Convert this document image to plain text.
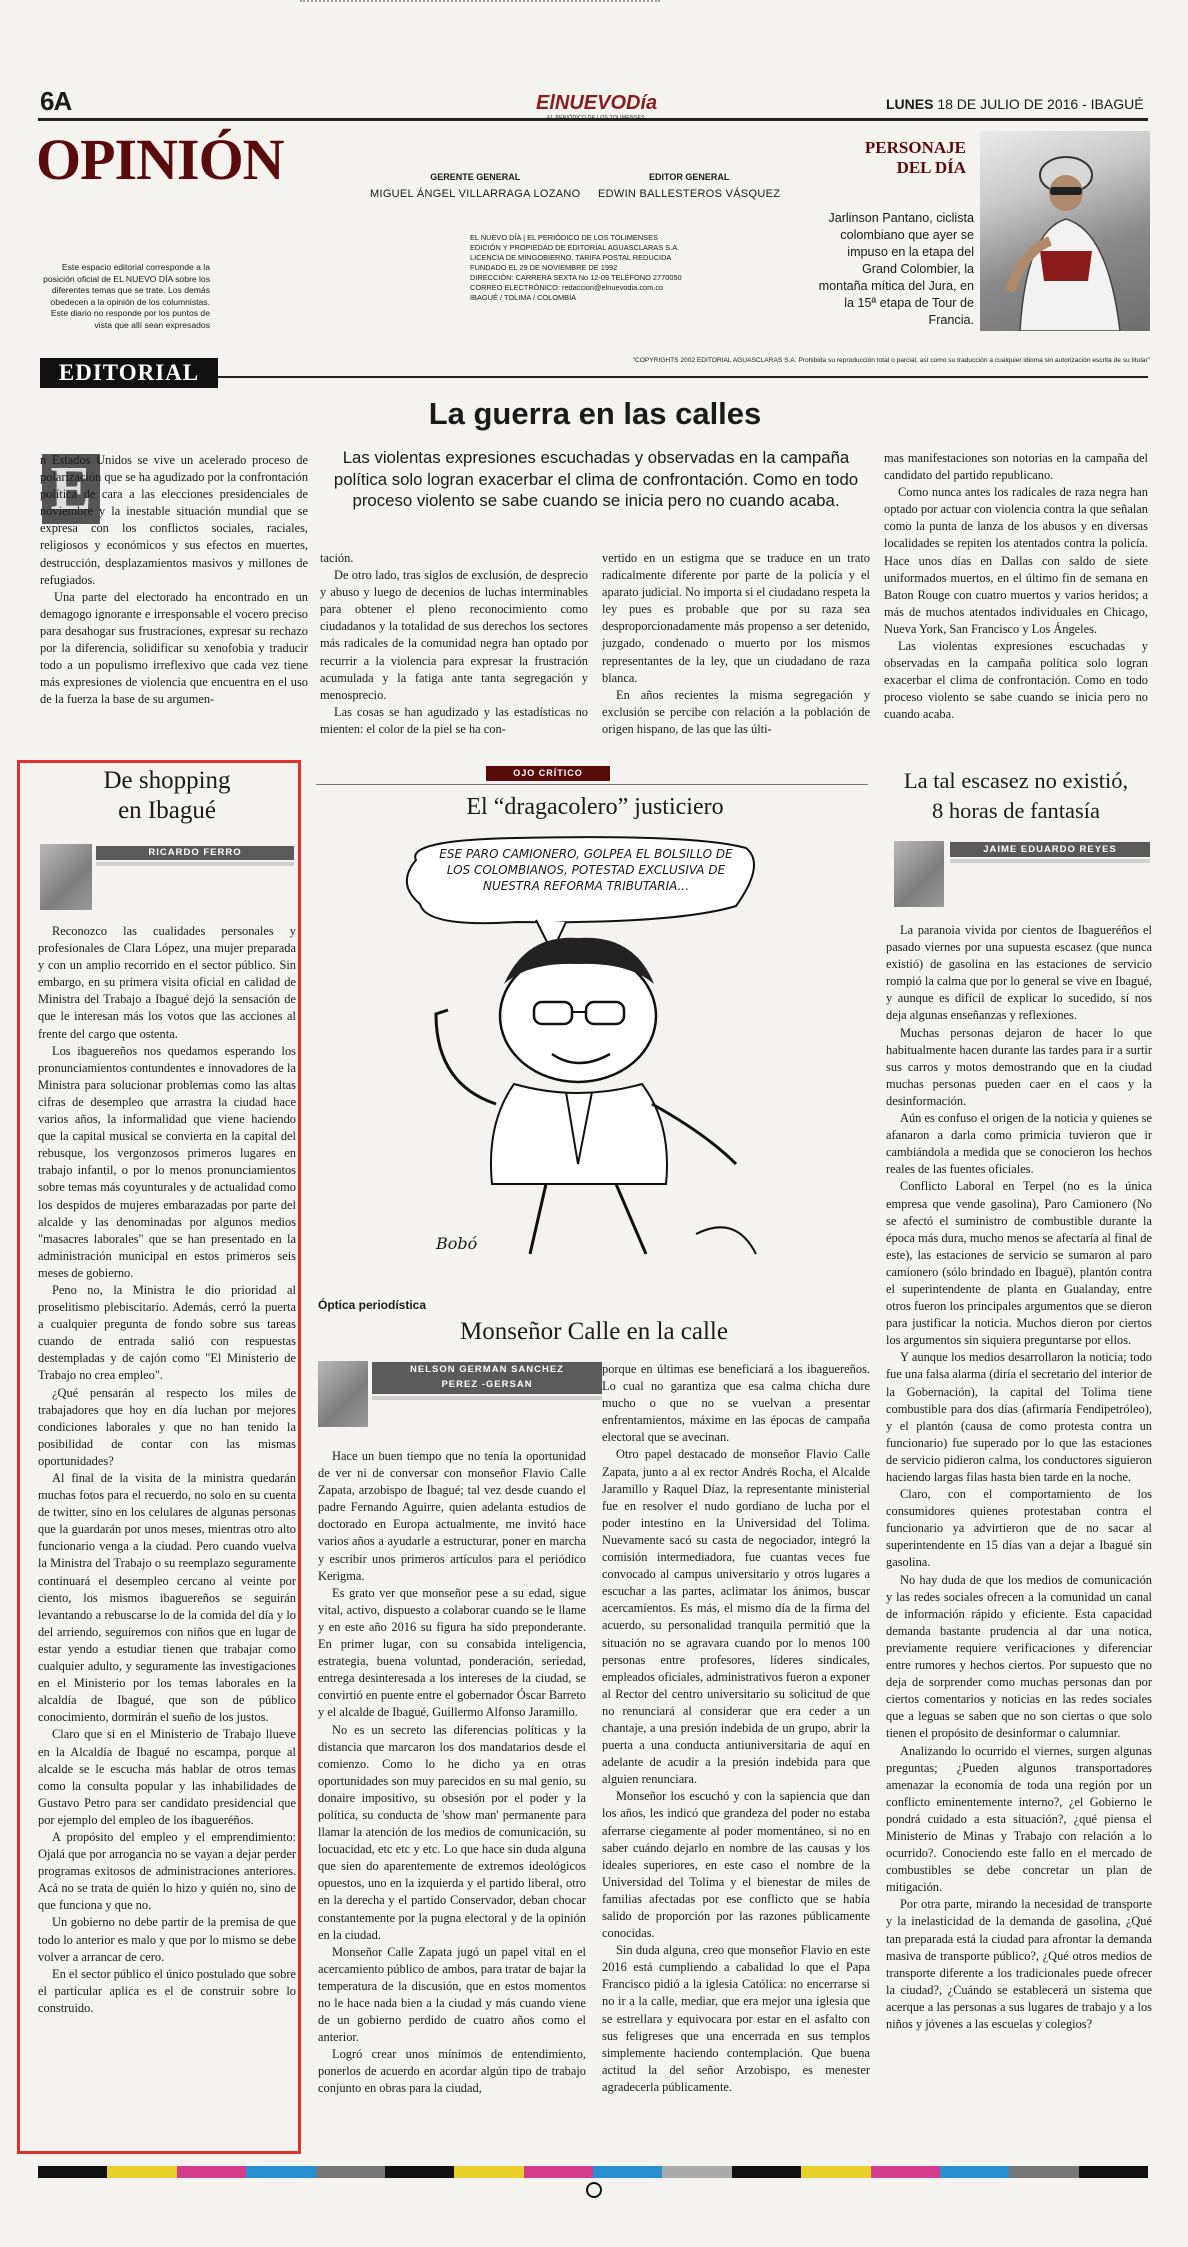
6A
OPINIÓN
ElNUEVODía
EL PERIÓDICO DE LOS TOLIMENSES
LUNES 18 DE JULIO DE 2016 - IBAGUÉ
GERENTE GENERAL
MIGUEL ÁNGEL VILLARRAGA LOZANO
EDITOR GENERAL
EDWIN BALLESTEROS VÁSQUEZ
EL NUEVO DÍA | EL PERIÓDICO DE LOS TOLIMENSES
EDICIÓN Y PROPIEDAD DE EDITORIAL AGUASCLARAS S.A.
LICENCIA DE MINGOBIERNO. TARIFA POSTAL REDUCIDA
FUNDADO EL 29 DE NOVIEMBRE DE 1992
DIRECCIÓN: CARRERA SEXTA No 12-09 TELÉFONO 2770050
CORREO ELECTRÓNICO: redaccion@elnuevodia.com.co
IBAGUÉ / TOLIMA / COLOMBIA
Este espacio editorial corresponde a la posición oficial de EL NUEVO DÍA sobre los diferentes temas que se trate. Los demás obedecen a la opinión de los columnistas. Este diario no responde por los puntos de vista que allí sean expresados
PERSONAJE
DEL DÍA
Jarlinson Pantano, ciclista colombiano que ayer se impuso en la etapa del Grand Colombier, la montaña mítica del Jura, en la 15ª etapa de Tour de Francia.
EDITORIAL	"COPYRIGHTS 2002 EDITORIAL AGUASCLARAS S.A. Prohibida su reproducción total o parcial, así como su traducción a cualquier idioma sin autorización escrita de su titular"
La guerra en las calles
Las violentas expresiones escuchadas y observadas en la campaña política solo logran exacerbar el clima de confrontación. Como en todo proceso violento se sabe cuando se inicia pero no cuando acaba.
E

n Estados Unidos se vive un acelerado proceso de polarización que se ha agudizado por la confrontación política de cara a las elecciones presidenciales de noviembre y la inestable situación mundial que se expresa con los conflictos sociales, raciales, religiosos y económicos y sus efectos en muertes, destrucción, desplazamientos masivos y millones de refugiados.

Una parte del electorado ha encontrado en un demagogo ignorante e irresponsable el vocero preciso para desahogar sus frustraciones, expresar su rechazo por la diferencia, solidificar su xenofobia y traducir todo a un populismo irreflexivo que cada vez tiene más expresiones de violencia que encuentra en el uso de la fuerza la base de su argumen-

tación.

De otro lado, tras siglos de exclusión, de desprecio y abuso y luego de decenios de luchas interminables para obtener el pleno reconocimiento como ciudadanos y la totalidad de sus derechos los sectores más radicales de la comunidad negra han optado por recurrir a la violencia para expresar la frustración acumulada y la fatiga ante tanta segregación y menosprecio.

Las cosas se han agudizado y las estadísticas no mienten: el color de la piel se ha con-

vertido en un estigma que se traduce en un trato radicalmente diferente por parte de la policía y el aparato judicial. No importa si el ciudadano respeta la ley pues es probable que por su raza sea desproporcionadamente más propenso a ser detenido, juzgado, condenado o muerto por los mismos representantes de la ley, que un ciudadano de raza blanca.

En años recientes la misma segregación y exclusión se percibe con relación a la población de origen hispano, de las que las últi-

mas manifestaciones son notorias en la campaña del candidato del partido republicano.

Como nunca antes los radicales de raza negra han optado por actuar con violencia contra la que señalan como la punta de lanza de los abusos y en diversas localidades se repiten los atentados contra la policía. Hace unos días en Dallas con saldo de siete uniformados muertos, en el último fin de semana en Baton Rouge con cuatro muertos y varios heridos; a más de muchos atentados individuales en Chicago, Nueva York, San Francisco y Los Ángeles.

Las violentas expresiones escuchadas y observadas en la campaña política solo logran exacerbar el clima de confrontación. Como en todo proceso violento se sabe cuando se inicia pero no cuando acaba.

De shopping
en Ibagué
RICARDO FERRO

Reconozco las cualidades personales y profesionales de Clara López, una mujer preparada y con un amplio recorrido en el sector público. Sin embargo, en su primera visita oficial en calidad de Ministra del Trabajo a Ibagué dejó la sensación de que le interesan más los votos que las acciones al frente del cargo que ostenta.

Los ibaguereños nos quedamos esperando los pronunciamientos contundentes e innovadores de la Ministra para solucionar problemas como las altas cifras de desempleo que arrastra la ciudad hace varios años, la informalidad que viene haciendo que la capital musical se convierta en la capital del rebusque, los vergonzosos primeros lugares en trabajo infantil, o por lo menos pronunciamientos sobre temas más coyunturales y de actualidad como los despidos de mujeres embarazadas por parte del alcalde y las denominadas por algunos medios "masacres laborales" que se han presentado en la administración municipal en estos primeros seis meses de gobierno.

Peno no, la Ministra le dio prioridad al proselitismo plebiscitario. Además, cerró la puerta a cualquier pregunta de fondo sobre sus tareas cuando de entrada salió con respuestas destempladas y de cajón como "El Ministerio de Trabajo no crea empleo".

¿Qué pensarán al respecto los miles de trabajadores que hoy en día luchan por mejores condiciones laborales y que no han tenido la posibilidad de contar con las mismas oportunidades?

Al final de la visita de la ministra quedarán muchas fotos para el recuerdo, no solo en su cuenta de twitter, sino en los celulares de algunas personas que la guardarán por unos meses, mientras otro alto funcionario venga a la ciudad. Pero cuando vuelva la Ministra del Trabajo o su reemplazo seguramente continuará el desempleo cercano al veinte por ciento, los mismos ibaguereños se seguirán levantando a rebuscarse lo de la comida del día y lo del arriendo, seguiremos con niños que en lugar de estar yendo a estudiar tienen que trabajar como cualquier adulto, y seguramente las investigaciones en el Ministerio por los temas laborales en la alcaldía de Ibagué, que son de público conocimiento, dormirán el sueño de los justos.

Claro que si en el Ministerio de Trabajo llueve en la Alcaldía de Ibagué no escampa, porque al alcalde se le escucha más hablar de otros temas como la consulta popular y las inhabilidades de Gustavo Petro para ser candidato presidencial que por ejemplo del empleo de los ibagueréños.

A propósito del empleo y el emprendimiento: Ojalá que por arrogancia no se vayan a dejar perder programas exitosos de administraciones anteriores. Acá no se trata de quién lo hizo y quién no, sino de que funciona y que no.

Un gobierno no debe partir de la premisa de que todo lo anterior es malo y que por lo mismo se debe volver a arrancar de cero.

En el sector público el único postulado que sobre el particular aplica es el de construir sobre lo construido.

OJO CRÍTICO
El “dragacolero” justiciero
ESE PARO CAMIONERO, GOLPEA EL BOLSILLO DE LOS COLOMBIANOS, POTESTAD EXCLUSIVA DE NUESTRA REFORMA TRIBUTARIA...
Bobó
Óptica periodística
Monseñor Calle en la calle
NELSON GERMAN SANCHEZ
PEREZ -GERSAN

Hace un buen tiempo que no tenía la oportunidad de ver ni de conversar con monseñor Flavio Calle Zapata, arzobispo de Ibagué; tal vez desde cuando el padre Fernando Aguirre, quien adelanta estudios de doctorado en Europa actualmente, me invitó hace varios años a ayudarle a estructurar, poner en marcha y escribir unos primeros artículos para el periódico Kerigma.

Es grato ver que monseñor pese a su edad, sigue vital, activo, dispuesto a colaborar cuando se le llame y en este año 2016 su figura ha sido preponderante. En primer lugar, con su consabida inteligencia, estrategia, buena voluntad, ponderación, seriedad, entrega desinteresada a los intereses de la ciudad, se convirtió en puente entre el gobernador Óscar Barreto y el alcalde de Ibagué, Guillermo Alfonso Jaramillo.

No es un secreto las diferencias políticas y la distancia que marcaron los dos mandatarios desde el comienzo. Como lo he dicho ya en otras oportunidades son muy parecidos en su mal genio, su donaire impositivo, su obsesión por el poder y la política, su conducta de 'show man' permanente para llamar la atención de los medios de comunicación, su locuacidad, etc etc y etc. Lo que hace sin duda alguna que sien do aparentemente de extremos ideológicos opuestos, uno en la izquierda y el partido liberal, otro en la derecha y el partido Conservador, deban chocar constantemente por la pugna electoral y de la opinión en la ciudad.

Monseñor Calle Zapata jugó un papel vital en el acercamiento público de ambos, para tratar de bajar la temperatura de la discusión, que en estos momentos no le hace nada bien a la ciudad y más cuando viene de un gobierno perdido de cuatro años como el anterior.

Logró crear unos mínimos de entendimiento, ponerlos de acuerdo en acordar algún tipo de trabajo conjunto en obras para la ciudad,

porque en últimas ese beneficiará a los ibaguereños. Lo cual no garantiza que esa calma chicha dure mucho o que no se vuelvan a presentar enfrentamientos, máxime en las épocas de campaña electoral que se avecinan.

Otro papel destacado de monseñor Flavio Calle Zapata, junto a al ex rector Andrés Rocha, el Alcalde Jaramillo y Raquel Díaz, la representante ministerial fue en resolver el nudo gordiano de lucha por el poder intestino en la Universidad del Tolima. Nuevamente sacó su casta de negociador, integró la comisión intermediadora, fue cuantas veces fue convocado al campus universitario y otros lugares a escuchar a las partes, aclimatar los ánimos, buscar acercamientos. Es más, el mismo día de la firma del acuerdo, su personalidad tranquila permitió que la situación no se agravara cuando por lo menos 100 personas entre profesores, líderes sindicales, empleados oficiales, administrativos fueron a exponer al Rector del centro universitario su solicitud de que no renunciará al considerar que era ceder a un chantaje, a una presión indebida de un grupo, abrir la puerta a una conducta antiuniversitaria de aquí en adelante de acudir a la presión indebida para que alguien renunciara.

Monseñor los escuchó y con la sapiencia que dan los años, les indicó que grandeza del poder no estaba aferrarse ciegamente al poder momentáneo, si no en saber cuándo dejarlo en nombre de las causas y los ideales superiores, en este caso el nombre de la Universidad del Tolima y el bienestar de miles de familias afectadas por ese conflicto que se había salido de proporción por las razones públicamente conocidas.

Sin duda alguna, creo que monseñor Flavio en este 2016 está cumpliendo a cabalidad lo que el Papa Francisco pidió a la iglesia Católica: no encerrarse si no ir a la calle, mediar, que era mejor una iglesia que se estrellara y equivocara por estar en el asfalto con sus feligreses que una encerrada en sus templos simplemente haciendo contemplación. Que buena actitud la del señor Arzobispo, es menester agradecerla públicamente.

La tal escasez no existió,
8 horas de fantasía
JAIME EDUARDO REYES

La paranoia vivida por cientos de Ibagueréños el pasado viernes por una supuesta escasez (que nunca existió) de gasolina en las estaciones de servicio rompió la calma que por lo general se vive en Ibagué, y aunque es difícil de explicar lo sucedido, sí nos deja algunas enseñanzas y reflexiones.

Muchas personas dejaron de hacer lo que habitualmente hacen durante las tardes para ir a surtir sus carros y motos demostrando que en la ciudad muchas personas pueden caer en el caos y la desinformación.

Aún es confuso el origen de la noticia y quienes se afanaron a darla como primicia tuvieron que ir cambiándola a medida que se conocieron los hechos reales de las fuentes oficiales.

Conflicto Laboral en Terpel (no es la única empresa que vende gasolina), Paro Camionero (No se afectó el suministro de combustible durante la época más dura, mucho menos se afectaría al final de este), las estaciones de servicio se sumaron al paro camionero (sólo brindado en Ibagué), plantón contra el superintendente de planta en Gualanday, entre otros fueron los principales argumentos que se dieron para justificar la noticia. Muchos dieron por ciertos los argumentos sin siquiera preguntarse por ellos.

Y aunque los medios desarrollaron la noticia; todo fue una falsa alarma (diría el secretario del interior de la Gobernación), la capital del Tolima tiene combustible para dos días (afirmaría Fendipetróleo), y el plantón (causa de como protesta contra un funcionario) fue superado por lo que las estaciones de servicio pidieron calma, los conductores siguieron haciendo largas filas hasta bien tarde en la noche.

Claro, con el comportamiento de los consumidores quienes protestaban contra el funcionario ya advirtieron que de no sacar al superintendente en 15 días van a dejar a Ibagué sin gasolina.

No hay duda de que los medios de comunicación y las redes sociales ofrecen a la comunidad un canal de información rápido y eficiente. Esta capacidad demanda bastante prudencia al dar una notica, previamente requiere verificaciones y diferenciar entre rumores y hechos ciertos. Por supuesto que no deja de sorprender como muchas personas dan por ciertos comentarios y noticias en las redes sociales que a leguas se saben que no son ciertas o que solo tienen el propósito de desinformar o calumniar.

Analizando lo ocurrido el viernes, surgen algunas preguntas; ¿Pueden algunos transportadores amenazar la economía de toda una región por un conflicto eminentemente interno?, ¿el Gobierno le pondrá cuidado a esta situación?, ¿qué piensa el Ministerio de Minas y Trabajo con relación a lo ocurrido?. Conociendo este fallo en el mercado de combustibles se debe concretar un plan de mitigación.

Por otra parte, mirando la necesidad de transporte y la inelasticidad de la demanda de gasolina, ¿Qué tan preparada está la ciudad para afrontar la demanda masiva de transporte público?, ¿Qué otros medios de transporte diferente a los tradicionales puede ofrecer la ciudad?, ¿Cuándo se establecerá un sistema que acerque a las personas a sus lugares de trabajo y a los niños y jóvenes a las escuelas y colegios?
